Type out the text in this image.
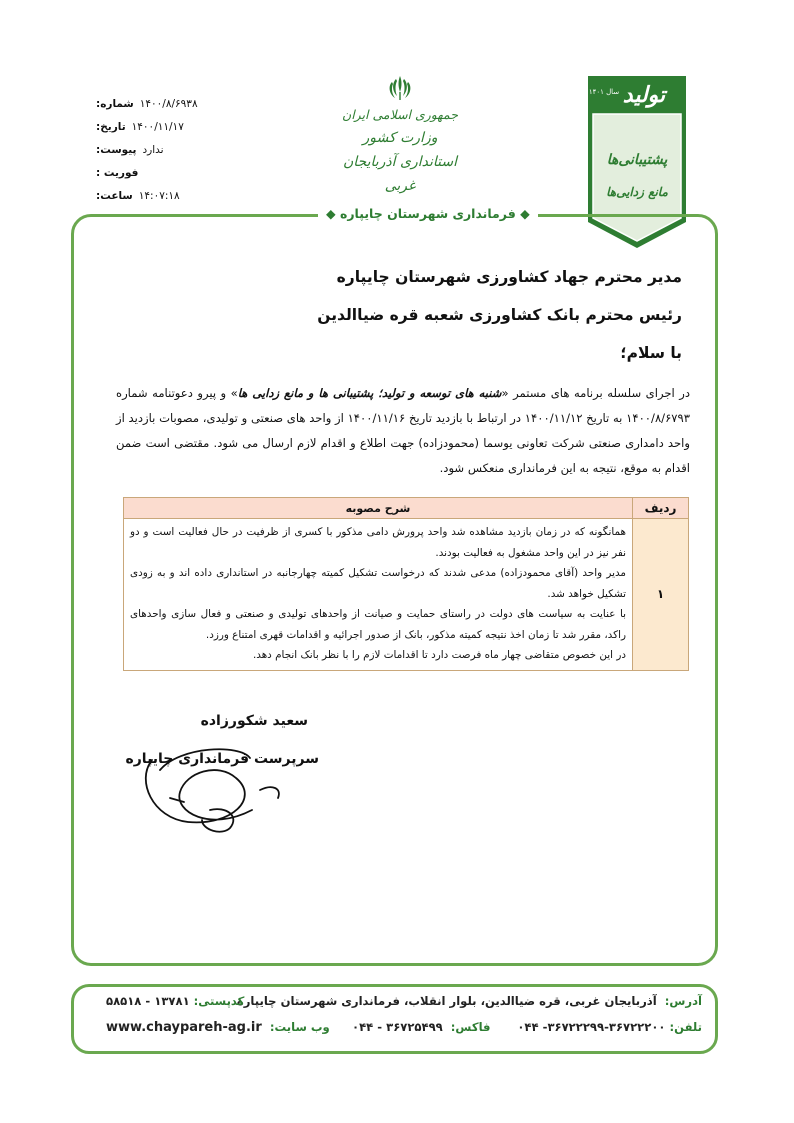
شماره: ۱۴۰۰/۸/۶۹۳۸
تاریخ: ۱۴۰۰/۱۱/۱۷
پیوست: ندارد
فوریت :
ساعت: ۱۴:۰۷:۱۸
جمهوری اسلامی ایران
وزارت کشور
استانداری آذربایجان غربی
تولید
سال ۱۴۰۱
پشتیبانی‌ها
مانع زدایی‌ها
◆ فرمانداری شهرستان چایپاره ◆
مدیر محترم جهاد کشاورزی شهرستان چایپاره
رئیس محترم بانک کشاورزی شعبه قره ضیاالدین
با سلام؛
در اجرای سلسله برنامه های مستمر «شنبه های توسعه و تولید؛ پشتیبانی ها و مانع زدایی ها» و پیرو دعوتنامه شماره ۱۴۰۰/۸/۶۷۹۳ به تاریخ ۱۴۰۰/۱۱/۱۲ در ارتباط با بازدید تاریخ ۱۴۰۰/۱۱/۱۶ از واحد های صنعتی و تولیدی، مصوبات بازدید از واحد دامداری صنعتی شرکت تعاونی یوسما (محمودزاده) جهت اطلاع و اقدام لازم ارسال می شود. مقتضی است ضمن اقدام به موقع، نتیجه به این فرمانداری منعکس شود.
ردیف	شرح مصوبه
۱	همانگونه که در زمان بازدید مشاهده شد واحد پرورش دامی مذکور با کسری از ظرفیت در حال فعالیت است و دو نفر نیز در این واحد مشغول به فعالیت بودند.

مدیر واحد (آقای محمودزاده) مدعی شدند که درخواست تشکیل کمیته چهارجانبه در استانداری داده اند و به زودی تشکیل خواهد شد.

با عنایت به سیاست های دولت در راستای حمایت و صیانت از واحدهای تولیدی و صنعتی و فعال سازی واحدهای راکد، مقرر شد تا زمان اخذ نتیجه کمیته مذکور، بانک از صدور اجرائیه و اقدامات قهری امتناع ورزد.

در این خصوص متقاضی چهار ماه فرصت دارد تا اقدامات لازم را با نظر بانک انجام دهد.

سعید شکورزاده
سرپرست فرمانداری چایپاره
آدرس: آذربایجان غربی، قره ضیاالدین، بلوار انقلاب، فرمانداری شهرستان چایپاره
کدپستی:۱۳۷۸۱ - ۵۸۵۱۸
تلفن:۳۶۷۲۲۲۰۰-۳۶۷۲۲۲۹۹- ۰۴۴
فاکس: ۳۶۷۲۵۴۹۹ - ۰۴۴
وب سایت: www.chaypareh-ag.ir
